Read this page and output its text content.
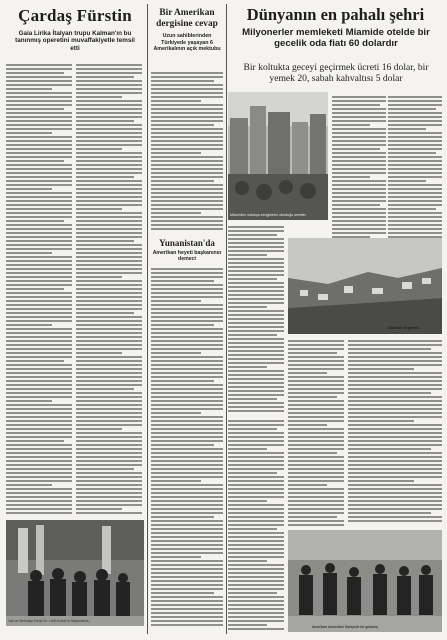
Çardaş Fürstin

Gaia Lirika İtalyan trupu Kalman'ın bu tanınmış operetini muvaffakiyetle temsil etti

Vali ve Belediye Reisi Dr. Lütfi Kırdar'ın İtalyanlarla...
Bir Amerikan dergisine cevap

Uzun sahiblerinden Türkiyede yaşayan 6 Amerikalının açık mektubu

Yunanistan'da

Amerikan heyeti başkanının demeci

Dünyanın en pahalı şehri

Milyonerler memleketi Miamide otelde bir gecelik oda fiatı 60 dolardır

Bir koltukta geceyi geçirmek ücreti 16 dolar, bir yemek 20, sabah kahvaltısı 5 dolar

Miami'den oldukça zenginlerin oturduğu semtler
Miami'de bir gezinti
Amerikan denizcileri Bahçede bir gösteriş
